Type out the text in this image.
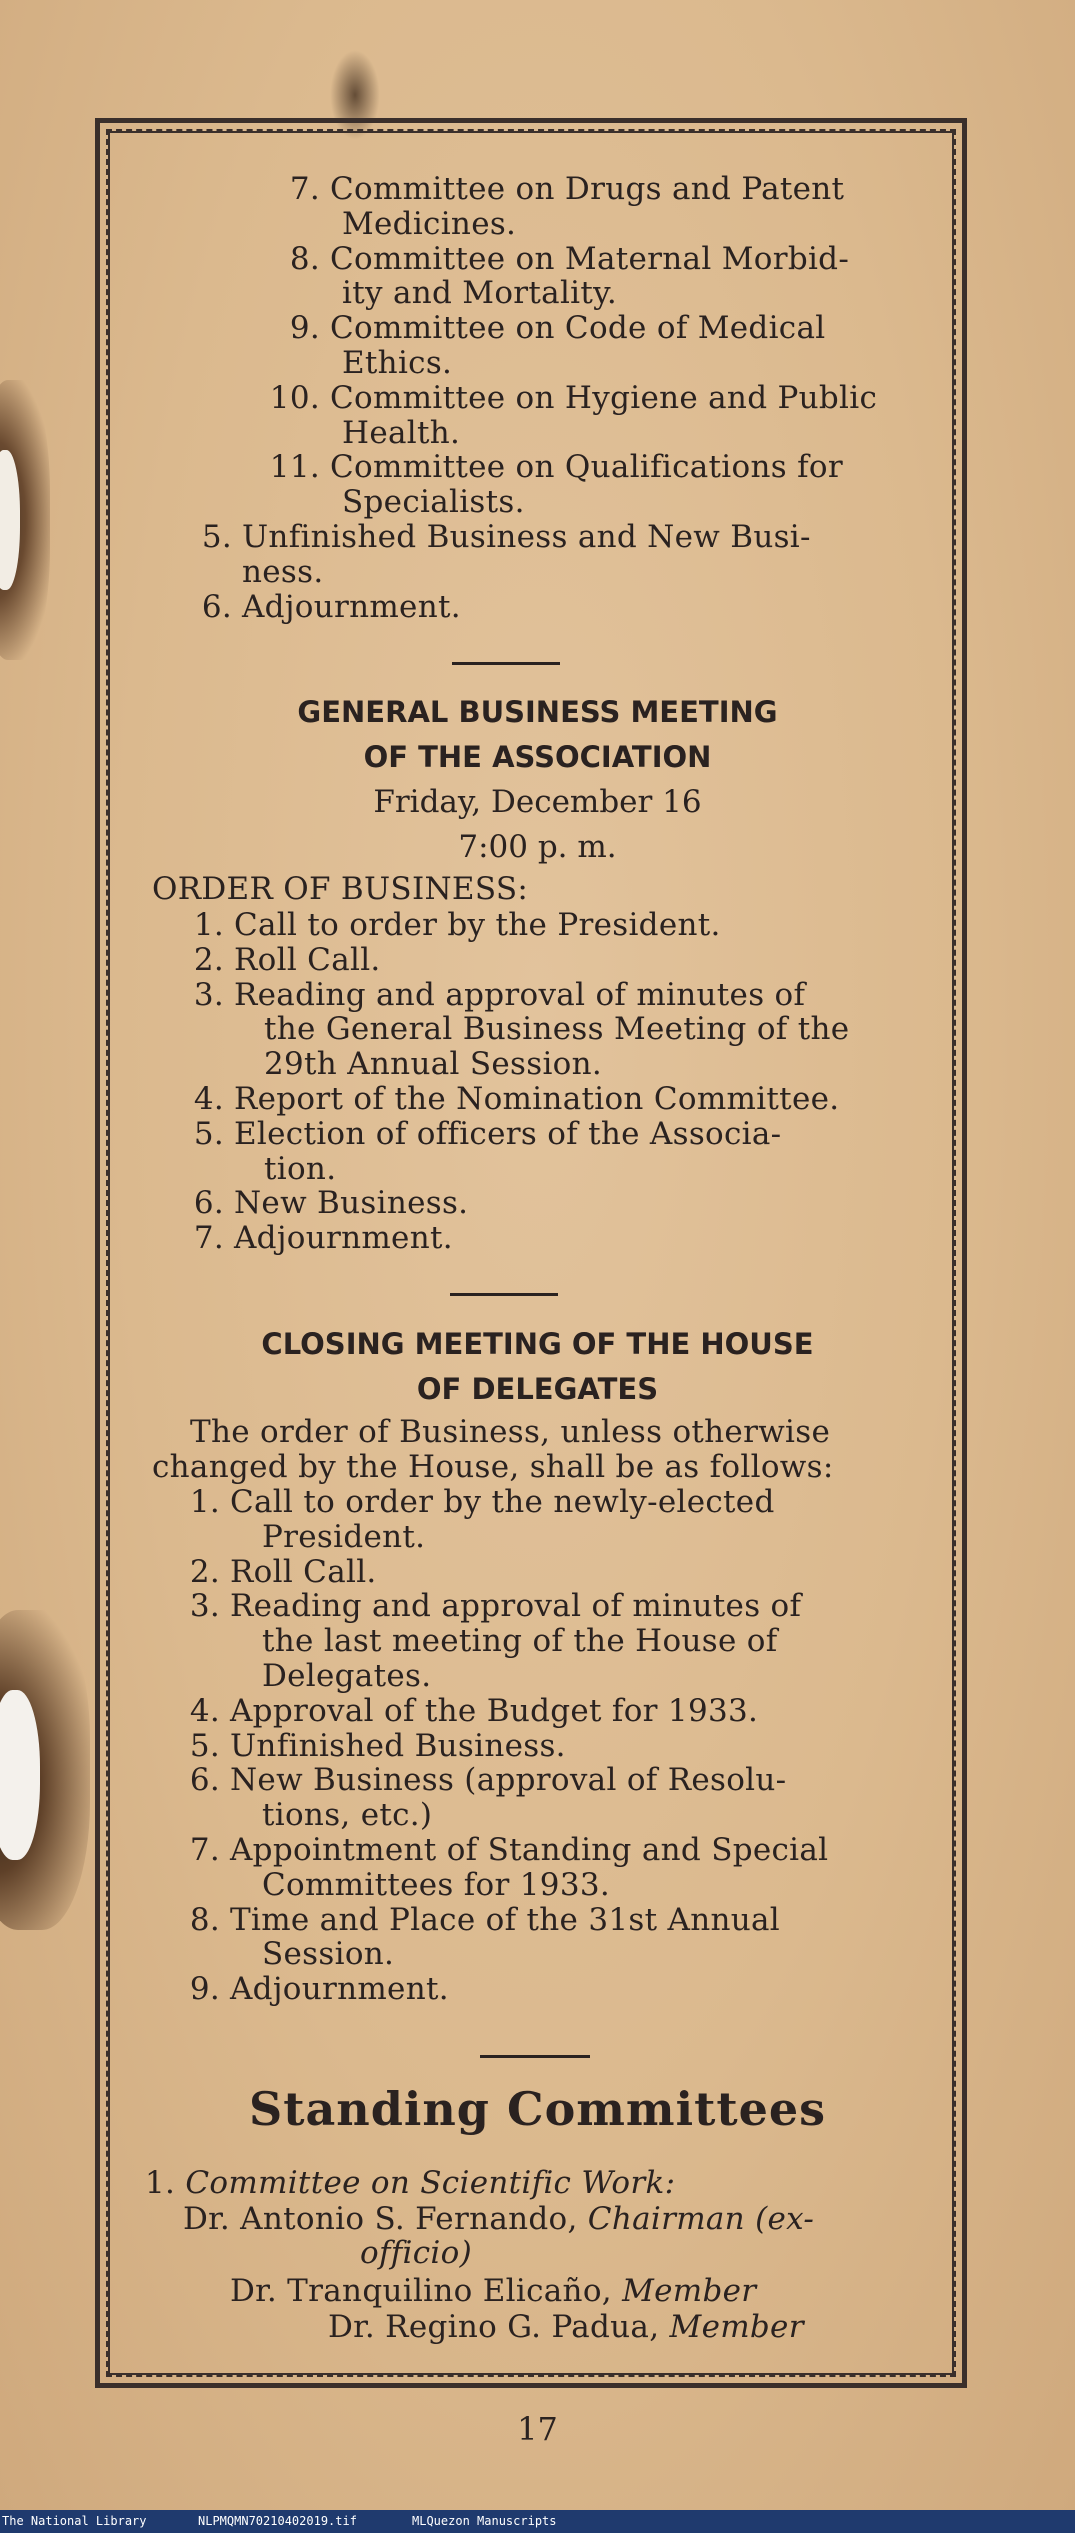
7. Committee on Drugs and Patent
Medicines.
8. Committee on Maternal Morbid-
ity and Mortality.
9. Committee on Code of Medical
Ethics.
10. Committee on Hygiene and Public
Health.
11. Committee on Qualifications for
Specialists.
5. Unfinished Business and New Busi-
ness.
6. Adjournment.
GENERAL BUSINESS MEETING
OF THE ASSOCIATION
Friday, December 16
7:00 p. m.
ORDER OF BUSINESS:
1. Call to order by the President.
2. Roll Call.
3. Reading and approval of minutes of
the General Business Meeting of the
29th Annual Session.
4. Report of the Nomination Committee.
5. Election of officers of the Associa-
tion.
6. New Business.
7. Adjournment.
CLOSING MEETING OF THE HOUSE
OF DELEGATES
The order of Business, unless otherwise
changed by the House, shall be as follows:
1. Call to order by the newly-elected
President.
2. Roll Call.
3. Reading and approval of minutes of
the last meeting of the House of
Delegates.
4. Approval of the Budget for 1933.
5. Unfinished Business.
6. New Business (approval of Resolu-
tions, etc.)
7. Appointment of Standing and Special
Committees for 1933.
8. Time and Place of the 31st Annual
Session.
9. Adjournment.
Standing Committees
1. Committee on Scientific Work:
Dr. Antonio S. Fernando, Chairman (ex-
officio)
Dr. Tranquilino Elicaño, Member
Dr. Regino G. Padua, Member
17
The National Library	NLPMQMN70210402019.tif	MLQuezon Manuscripts
